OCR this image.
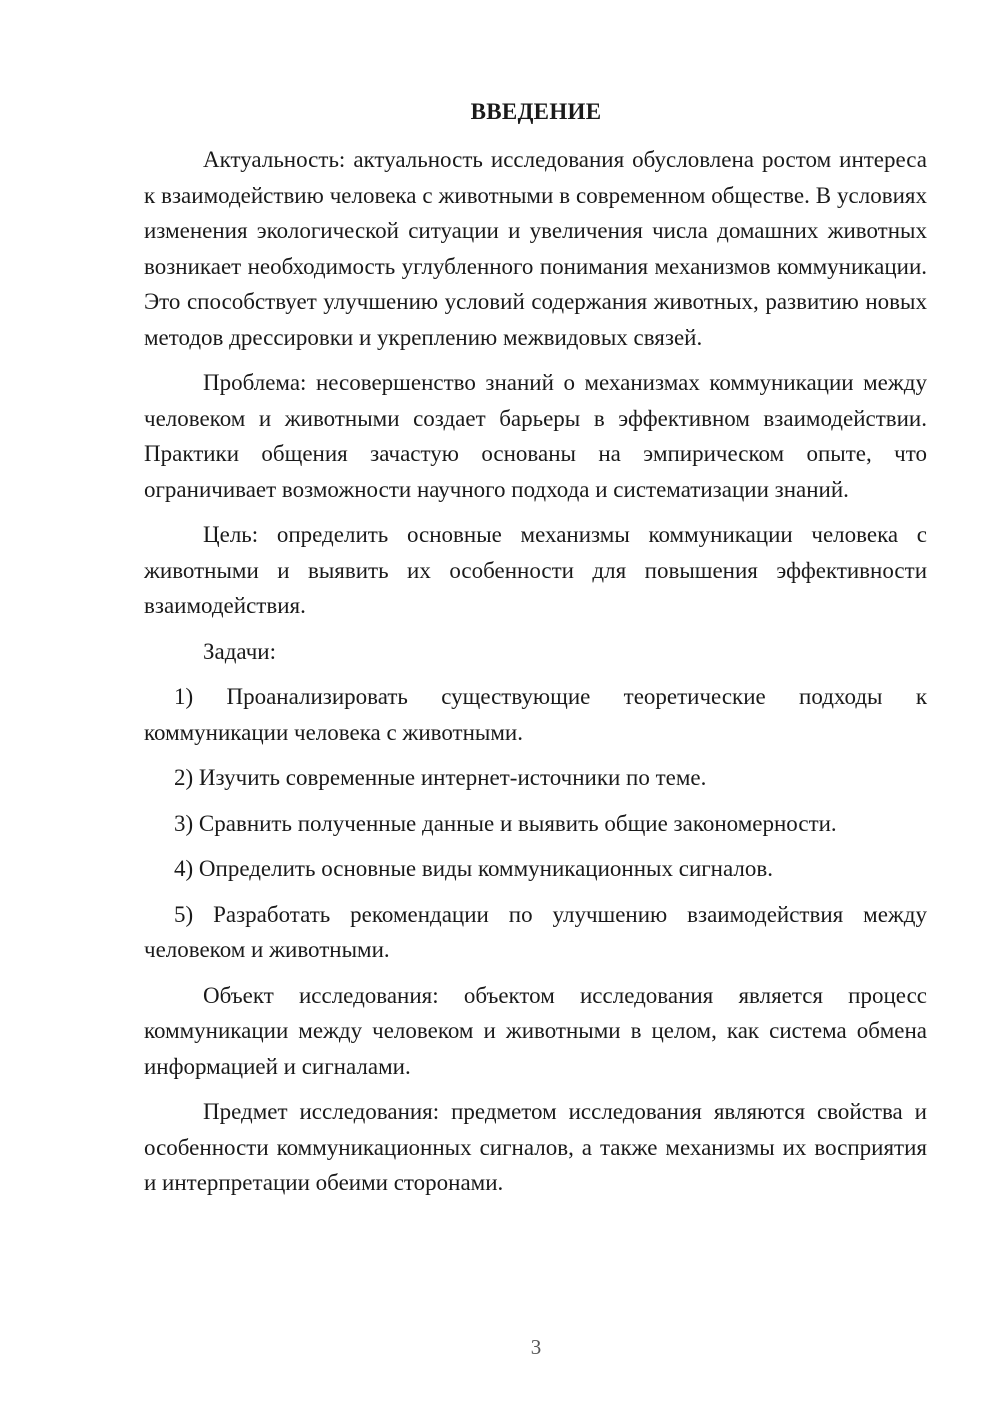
ВВЕДЕНИЕ

Актуальность: актуальность исследования обусловлена ростом интереса к взаимодействию человека с животными в современном обществе. В условиях изменения экологической ситуации и увеличения числа домашних животных возникает необходимость углубленного понимания механизмов коммуникации. Это способствует улучшению условий содержания животных, развитию новых методов дрессировки и укреплению межвидовых связей.

Проблема: несовершенство знаний о механизмах коммуникации между человеком и животными создает барьеры в эффективном взаимодействии. Практики общения зачастую основаны на эмпирическом опыте, что ограничивает возможности научного подхода и систематизации знаний.

Цель: определить основные механизмы коммуникации человека с животными и выявить их особенности для повышения эффективности взаимодействия.

Задачи:

1) Проанализировать существующие теоретические подходы к коммуникации человека с животными.

2) Изучить современные интернет-источники по теме.

3) Сравнить полученные данные и выявить общие закономерности.

4) Определить основные виды коммуникационных сигналов.

5) Разработать рекомендации по улучшению взаимодействия между человеком и животными.

Объект исследования: объектом исследования является процесс коммуникации между человеком и животными в целом, как система обмена информацией и сигналами.

Предмет исследования: предметом исследования являются свойства и особенности коммуникационных сигналов, а также механизмы их восприятия и интерпретации обеими сторонами.

3
